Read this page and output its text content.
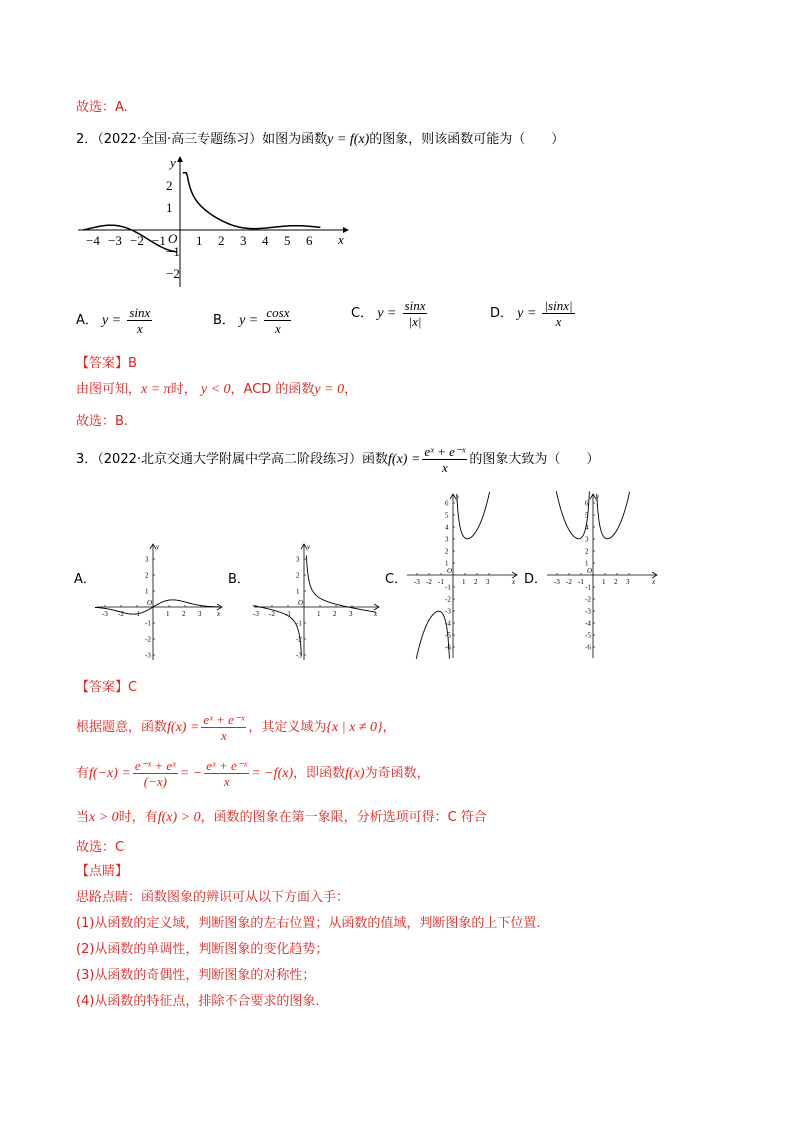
故选：A.
2．（2022·全国·高三专题练习）如图为函数y = f(x)的图象，则该函数可能为（　　）
y
x
O
−4 −3 −2 −1 1 2 3 4 5 6
2
1
−1
−2
A． $y = \frac{\sin x}{x}$	B． $y = \frac{\cos x}{x}$	C． $y = \frac{\sin x}{|x|}$	D． $y = \frac{|\sin x|}{x}$
【答案】B
由图可知，x = π时， y < 0，ACD 的函数y = 0，
故选：B.
3．（2022·北京交通大学附属中学高二阶段练习）函数$f(x) = \frac{\text{eˣ + e⁻ˣ}}{x}$ 的图象大致为（　　）
A．	B．	C．	D．
x
y
O
-3 -2 -1	1 2 3
3
2
1
-1
-2
-3
x
y
O
-3 -2 -1	1 2 3
3
2
1
-1
-2
-3
x
y
O
-3 -2 -1	1 2 3
6
5
4
3
2
1
-1
-2
-3
-4
-5
-6
x
y
O
-3 -2 -1	1 2 3
6
5
4
3
2
1
-1
-2
-3
-4
-5
-6
【答案】C
根据题意，函数$f(x) = \frac{\text{eˣ + e⁻ˣ}}{x}$ ，其定义域为{x | x ≠ 0}，
有$f(-x) = \frac{\text{e⁻ˣ + eˣ}}{(-x)}$ = − $\frac{\text{eˣ + e⁻ˣ}}{x} = -f(x)$，即函数f(x)为奇函数，
当x > 0时，有f(x) > 0，函数的图象在第一象限，分析选项可得：C 符合
故选：C
【点睛】
思路点睛：函数图象的辨识可从以下方面入手：
(1)从函数的定义域，判断图象的左右位置；从函数的值域，判断图象的上下位置.
(2)从函数的单调性，判断图象的变化趋势；
(3)从函数的奇偶性，判断图象的对称性；
(4)从函数的特征点，排除不合要求的图象.
